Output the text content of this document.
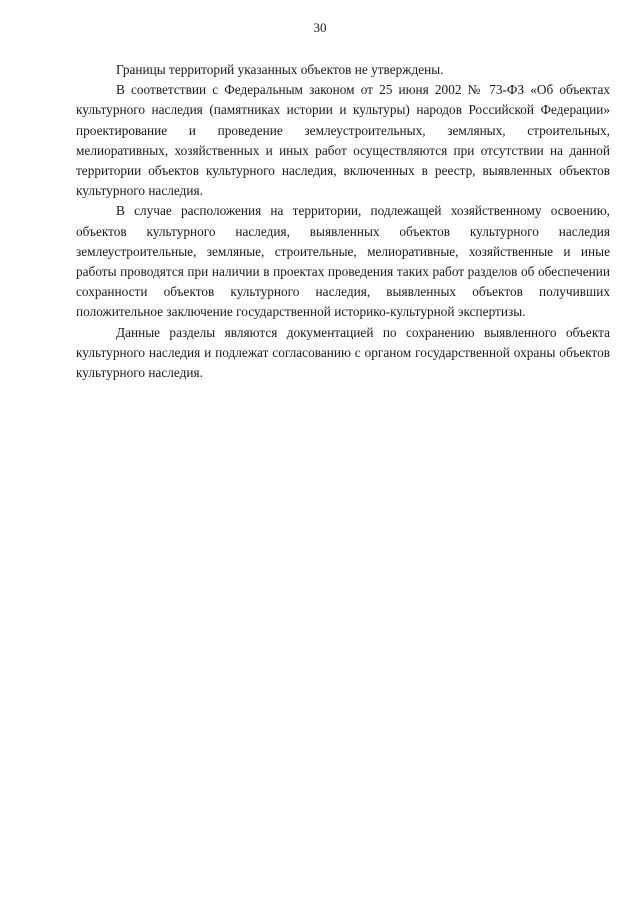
30

Границы территорий указанных объектов не утверждены.

В соответствии с Федеральным законом от 25 июня 2002 № 73-ФЗ «Об объектах культурного наследия (памятниках истории и культуры) народов Российской Федерации» проектирование и проведение землеустроительных, земляных, строительных, мелиоративных, хозяйственных и иных работ осуществляются при отсутствии на данной территории объектов культурного наследия, включенных в реестр, выявленных объектов культурного наследия.

В случае расположения на территории, подлежащей хозяйственному освоению, объектов культурного наследия, выявленных объектов культурного наследия землеустроительные, земляные, строительные, мелиоративные, хозяйственные и иные работы проводятся при наличии в проектах проведения таких работ разделов об обеспечении сохранности объектов культурного наследия, выявленных объектов получивших положительное заключение государственной историко-культурной экспертизы.

Данные разделы являются документацией по сохранению выявленного объекта культурного наследия и подлежат согласованию с органом государственной охраны объектов культурного наследия.
